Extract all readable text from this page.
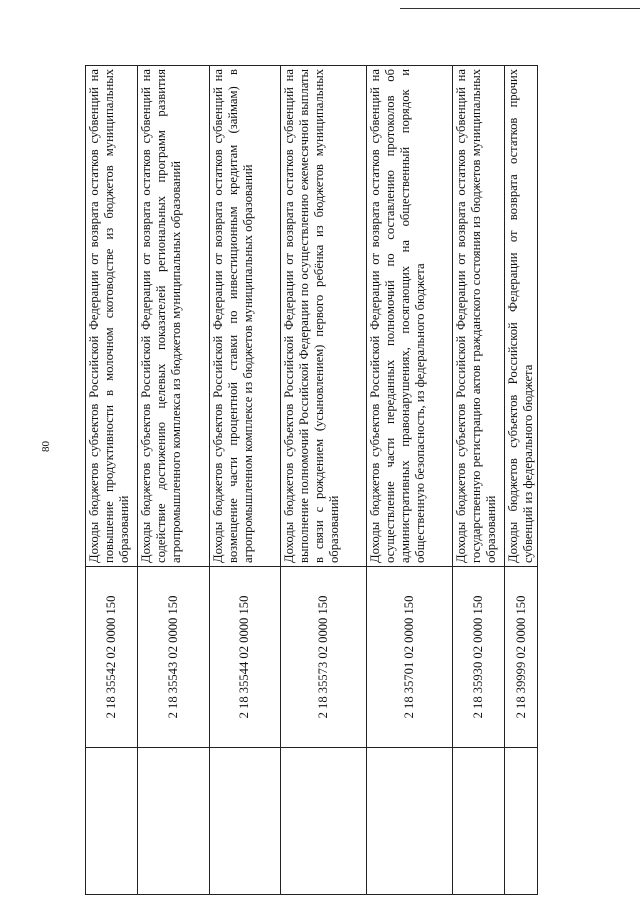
80
	2 18 35542 02 0000 150	Доходы бюджетов субъектов Российской Федерации от возврата остатков субвенций на повышение продуктивности в молочном скотоводстве из бюджетов муниципальных образований
	2 18 35543 02 0000 150	Доходы бюджетов субъектов Российской Федерации от возврата остатков субвенций на содействие достижению целевых показателей региональных программ развития агропромышленного комплекса из бюджетов муниципальных образований
	2 18 35544 02 0000 150	Доходы бюджетов субъектов Российской Федерации от возврата остатков субвенций на возмещение части процентной ставки по инвестиционным кредитам (займам) в агропромышленном комплексе из бюджетов муниципальных образований
	2 18 35573 02 0000 150	Доходы бюджетов субъектов Российской Федерации от возврата остатков субвенций на выполнение полномочий Российской Федерации по осуществлению ежемесячной выплаты в связи с рождением (усыновлением) первого ребёнка из бюджетов муниципальных образований
	2 18 35701 02 0000 150	Доходы бюджетов субъектов Российской Федерации от возврата остатков субвенций на осуществление части переданных полномочий по составлению протоколов об административных правонарушениях, посягающих на общественный порядок и общественную безопасность, из федерального бюджета
	2 18 35930 02 0000 150	Доходы бюджетов субъектов Российской Федерации от возврата остатков субвенций на государственную регистрацию актов гражданского состояния из бюджетов муниципальных образований
	2 18 39999 02 0000 150	Доходы бюджетов субъектов Российской Федерации от возврата остатков прочих субвенций из федерального бюджета
